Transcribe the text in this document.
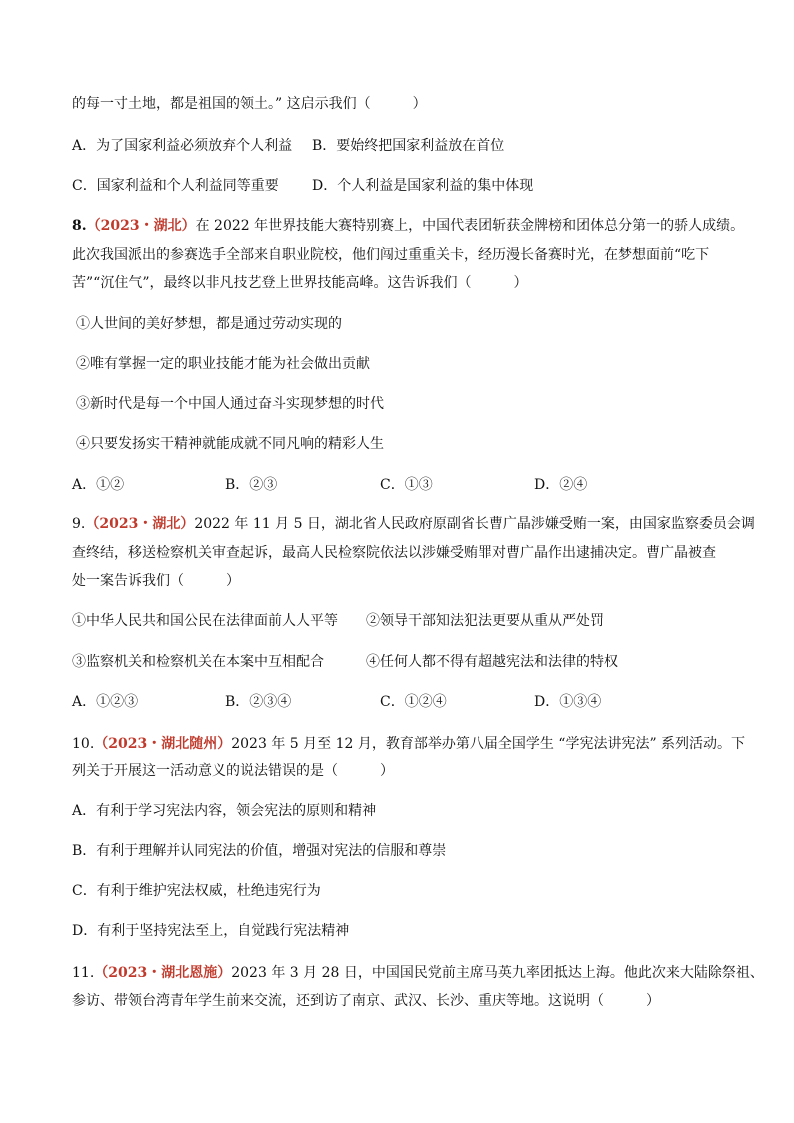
的每一寸土地，都是祖国的领土。” 这启示我们（　　　）
A．为了国家利益必须放弃个人利益 B．要始终把国家利益放在首位
C．国家利益和个人利益同等重要 D．个人利益是国家利益的集中体现
8.（2023・湖北）在 2022 年世界技能大赛特别赛上，中国代表团斩获金牌榜和团体总分第一的骄人成绩。
此次我国派出的参赛选手全部来自职业院校，他们闯过重重关卡，经历漫长备赛时光，在梦想面前“吃下
苦”“沉住气”，最终以非凡技艺登上世界技能高峰。这告诉我们（　　　）
①人世间的美好梦想，都是通过劳动实现的
②唯有掌握一定的职业技能才能为社会做出贡献
③新时代是每一个中国人通过奋斗实现梦想的时代
④只要发扬实干精神就能成就不同凡响的精彩人生
A．①②	B．②③	C．①③	D．②④
9.（2023・湖北）2022 年 11 月 5 日，湖北省人民政府原副省长曹广晶涉嫌受贿一案，由国家监察委员会调
查终结，移送检察机关审查起诉，最高人民检察院依法以涉嫌受贿罪对曹广晶作出逮捕决定。曹广晶被查
处一案告诉我们（　　　）
①中华人民共和国公民在法律面前人人平等 ②领导干部知法犯法更要从重从严处罚
③监察机关和检察机关在本案中互相配合	④任何人都不得有超越宪法和法律的特权
A．①②③	B．②③④	C．①②④	D．①③④
10.（2023・湖北随州）2023 年 5 月至 12 月，教育部举办第八届全国学生 “学宪法讲宪法” 系列活动。下
列关于开展这一活动意义的说法错误的是（　　　）
A．有利于学习宪法内容，领会宪法的原则和精神
B．有利于理解并认同宪法的价值，增强对宪法的信服和尊崇
C．有利于维护宪法权威，杜绝违宪行为
D．有利于坚持宪法至上，自觉践行宪法精神
11.（2023・湖北恩施）2023 年 3 月 28 日，中国国民党前主席马英九率团抵达上海。他此次来大陆除祭祖、
参访、带领台湾青年学生前来交流，还到访了南京、武汉、长沙、重庆等地。这说明（　　　）
